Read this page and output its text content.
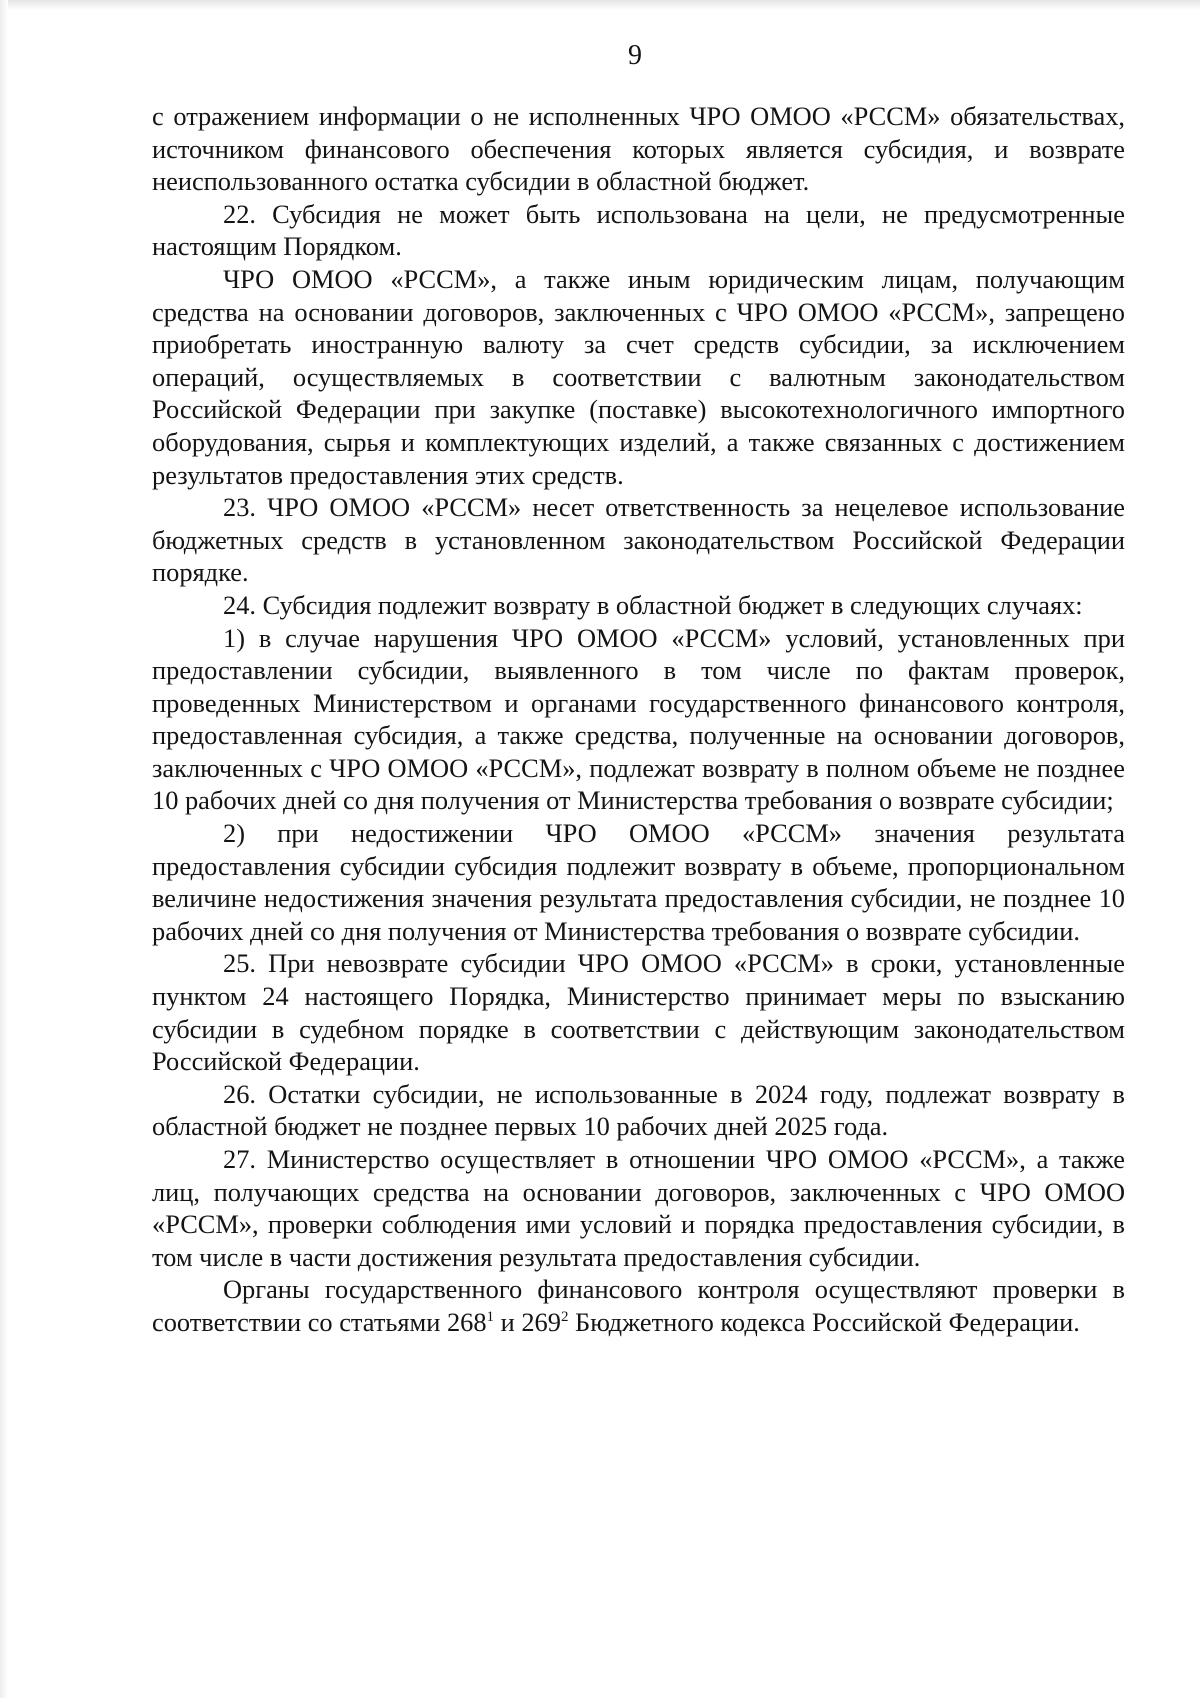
9

с отражением информации о не исполненных ЧРО ОМОО «РССМ» обязательствах, источником финансового обеспечения которых является субсидия, и возврате неиспользованного остатка субсидии в областной бюджет.

22. Субсидия не может быть использована на цели, не предусмотренные настоящим Порядком.

ЧРО ОМОО «РССМ», а также иным юридическим лицам, получающим средства на основании договоров, заключенных с ЧРО ОМОО «РССМ», запрещено приобретать иностранную валюту за счет средств субсидии, за исключением операций, осуществляемых в соответствии с валютным законодательством Российской Федерации при закупке (поставке) высокотехнологичного импортного оборудования, сырья и комплектующих изделий, а также связанных с достижением результатов предоставления этих средств.

23. ЧРО ОМОО «РССМ» несет ответственность за нецелевое использование бюджетных средств в установленном законодательством Российской Федерации порядке.

24. Субсидия подлежит возврату в областной бюджет в следующих случаях:

1) в случае нарушения ЧРО ОМОО «РССМ» условий, установленных при предоставлении субсидии, выявленного в том числе по фактам проверок, проведенных Министерством и органами государственного финансового контроля, предоставленная субсидия, а также средства, полученные на основании договоров, заключенных с ЧРО ОМОО «РССМ», подлежат возврату в полном объеме не позднее 10 рабочих дней со дня получения от Министерства требования о возврате субсидии;

2) при недостижении ЧРО ОМОО «РССМ» значения результата предоставления субсидии субсидия подлежит возврату в объеме, пропорциональном величине недостижения значения результата предоставления субсидии, не позднее 10 рабочих дней со дня получения от Министерства требования о возврате субсидии.

25. При невозврате субсидии ЧРО ОМОО «РССМ» в сроки, установленные пунктом 24 настоящего Порядка, Министерство принимает меры по взысканию субсидии в судебном порядке в соответствии с действующим законодательством Российской Федерации.

26. Остатки субсидии, не использованные в 2024 году, подлежат возврату в областной бюджет не позднее первых 10 рабочих дней 2025 года.

27. Министерство осуществляет в отношении ЧРО ОМОО «РССМ», а также лиц, получающих средства на основании договоров, заключенных с ЧРО ОМОО «РССМ», проверки соблюдения ими условий и порядка предоставления субсидии, в том числе в части достижения результата предоставления субсидии.

Органы государственного финансового контроля осуществляют проверки в соответствии со статьями $268^1$ и $269^2$ Бюджетного кодекса Российской Федерации.
